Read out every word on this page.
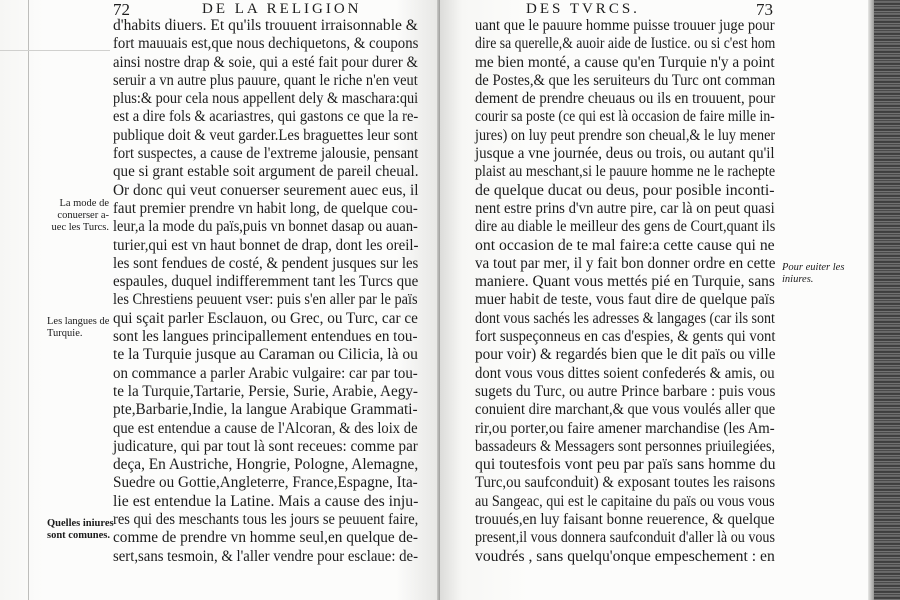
72	DE LA RELIGION
d'habits diuers. Et qu'ils trouuent irraisonnable &
fort mauuais est,que nous dechiquetons, & coupons
ainsi nostre drap & soie, qui a esté fait pour durer &
seruir a vn autre plus pauure, quant le riche n'en veut
plus:& pour cela nous appellent dely & maschara:qui
est a dire fols & acariastres, qui gastons ce que la re-
publique doit & veut garder.Les braguettes leur sont
fort suspectes, a cause de l'extreme jalousie, pensant
que si grant estable soit argument de pareil cheual.
Or donc qui veut conuerser seurement auec eus, il
faut premier prendre vn habit long, de quelque cou-
leur,a la mode du païs,puis vn bonnet dasap ou auan-
turier,qui est vn haut bonnet de drap, dont les oreil-
les sont fendues de costé, & pendent jusques sur les
espaules, duquel indifferemment tant les Turcs que
les Chrestiens peuuent vser: puis s'en aller par le païs
qui sçait parler Esclauon, ou Grec, ou Turc, car ce
sont les langues principallement entendues en tou-
te la Turquie jusque au Caraman ou Cilicia, là ou
on commance a parler Arabic vulgaire: car par tou-
te la Turquie,Tartarie, Persie, Surie, Arabie, Aegy-
pte,Barbarie,Indie, la langue Arabique Grammati-
que est entendue a cause de l'Alcoran, & des loix de
judicature, qui par tout là sont receues: comme par
deça, En Austriche, Hongrie, Pologne, Alemagne,
Suedre ou Gottie,Angleterre, France,Espagne, Ita-
lie est entendue la Latine. Mais a cause des inju-
res qui des meschants tous les jours se peuuent faire,
comme de prendre vn homme seul,en quelque de-
sert,sans tesmoin, & l'aller vendre pour esclaue: de-
La mode de
conuerser a-
uec les Turcs.
Les langues de
Turquie.
Quelles iniures
sont comunes.
DES TVRCS.	73
uant que le pauure homme puisse trouuer juge pour
dire sa querelle,& auoir aide de Iustice. ou si c'est hom
me bien monté, a cause qu'en Turquie n'y a point
de Postes,& que les seruiteurs du Turc ont comman
dement de prendre cheuaus ou ils en trouuent, pour
courir sa poste (ce qui est là occasion de faire mille in-
jures) on luy peut prendre son cheual,& le luy mener
jusque a vne journée, deus ou trois, ou autant qu'il
plaist au meschant,si le pauure homme ne le rachepte
de quelque ducat ou deus, pour posible inconti-
nent estre prins d'vn autre pire, car là on peut quasi
dire au diable le meilleur des gens de Court,quant ils
ont occasion de te mal faire:a cette cause qui ne
va tout par mer, il y fait bon donner ordre en cette
maniere. Quant vous mettés pié en Turquie, sans
muer habit de teste, vous faut dire de quelque païs
dont vous sachés les adresses & langages (car ils sont
fort suspeçonneus en cas d'espies, & gents qui vont
pour voir) & regardés bien que le dit païs ou ville
dont vous vous dittes soient confederés & amis, ou
sugets du Turc, ou autre Prince barbare : puis vous
conuient dire marchant,& que vous voulés aller que
rir,ou porter,ou faire amener marchandise (les Am-
bassadeurs & Messagers sont personnes priuilegiées,
qui toutesfois vont peu par païs sans homme du
Turc,ou saufconduit) & exposant toutes les raisons
au Sangeac, qui est le capitaine du païs ou vous vous
trouués,en luy faisant bonne reuerence, & quelque
present,il vous donnera saufconduit d'aller là ou vous
voudrés , sans quelqu'onque empeschement : en
Pour euiter les
iniures.
